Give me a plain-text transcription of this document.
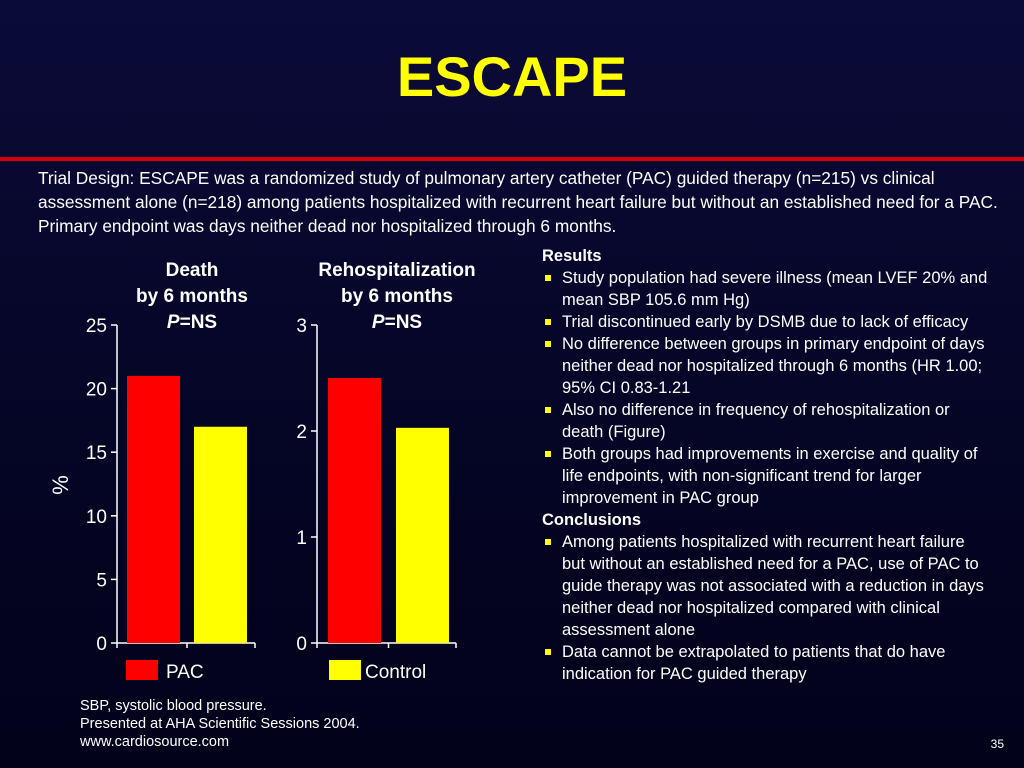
ESCAPE
Trial Design: ESCAPE was a randomized study of pulmonary artery catheter (PAC) guided therapy (n=215) vs clinical assessment alone (n=218) among patients hospitalized with recurrent heart failure but without an established need for a PAC. Primary endpoint was days neither dead nor hospitalized through 6 months.
Death
by 6 months
P=NS
0
5
10
15
20
25
%
Rehospitalization
by 6 months
P=NS
0
1
2
3
PAC	Control
Results
Study population had severe illness (mean LVEF 20% and mean SBP 105.6 mm Hg)
Trial discontinued early by DSMB due to lack of efficacy
No difference between groups in primary endpoint of days neither dead nor hospitalized through 6 months (HR 1.00; 95% CI 0.83-1.21
Also no difference in frequency of rehospitalization or death (Figure)
Both groups had improvements in exercise and quality of life endpoints, with non-significant trend for larger improvement in PAC group
Conclusions
Among patients hospitalized with recurrent heart failure but without an established need for a PAC, use of PAC to guide therapy was not associated with a reduction in days neither dead nor hospitalized compared with clinical assessment alone
Data cannot be extrapolated to patients that do have indication for PAC guided therapy
SBP, systolic blood pressure.
Presented at AHA Scientific Sessions 2004.
www.cardiosource.com	35
